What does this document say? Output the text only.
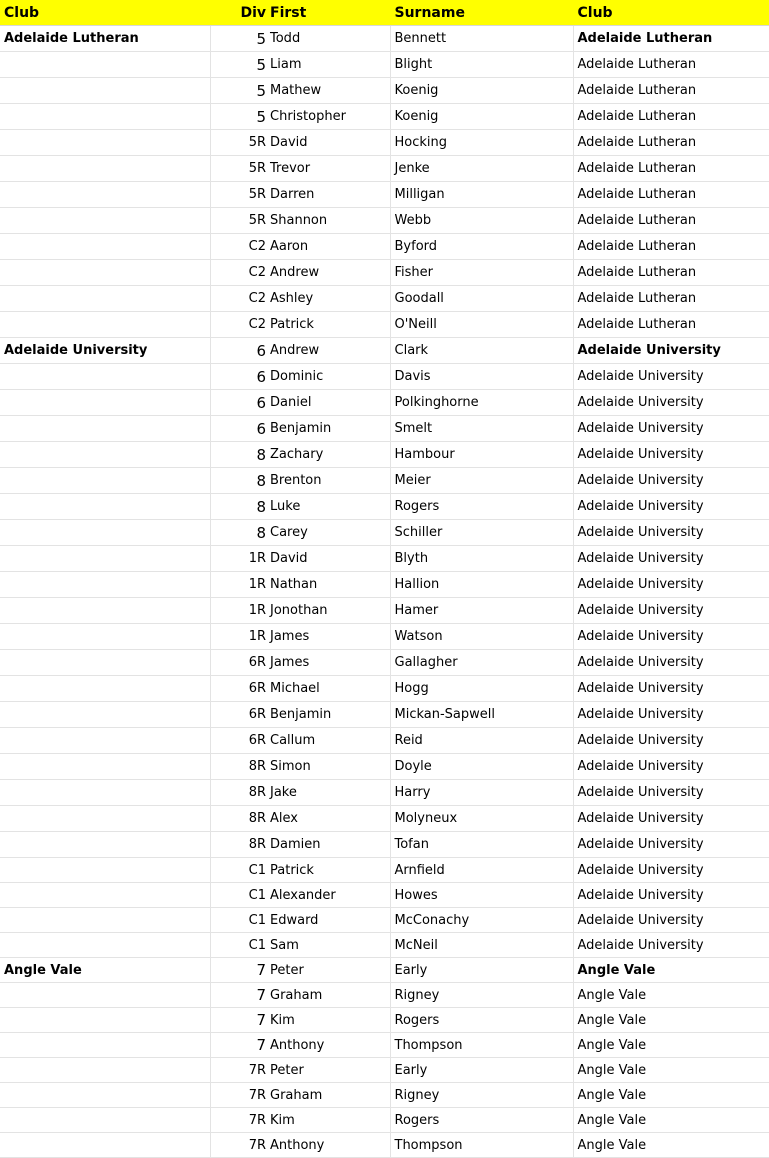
Club	Div	First	Surname	Club
Adelaide Lutheran	5	Todd	Bennett	Adelaide Lutheran
	5	Liam	Blight	Adelaide Lutheran
	5	Mathew	Koenig	Adelaide Lutheran
	5	Christopher	Koenig	Adelaide Lutheran
	5R	David	Hocking	Adelaide Lutheran
	5R	Trevor	Jenke	Adelaide Lutheran
	5R	Darren	Milligan	Adelaide Lutheran
	5R	Shannon	Webb	Adelaide Lutheran
	C2	Aaron	Byford	Adelaide Lutheran
	C2	Andrew	Fisher	Adelaide Lutheran
	C2	Ashley	Goodall	Adelaide Lutheran
	C2	Patrick	O'Neill	Adelaide Lutheran
Adelaide University	6	Andrew	Clark	Adelaide University
	6	Dominic	Davis	Adelaide University
	6	Daniel	Polkinghorne	Adelaide University
	6	Benjamin	Smelt	Adelaide University
	8	Zachary	Hambour	Adelaide University
	8	Brenton	Meier	Adelaide University
	8	Luke	Rogers	Adelaide University
	8	Carey	Schiller	Adelaide University
	1R	David	Blyth	Adelaide University
	1R	Nathan	Hallion	Adelaide University
	1R	Jonothan	Hamer	Adelaide University
	1R	James	Watson	Adelaide University
	6R	James	Gallagher	Adelaide University
	6R	Michael	Hogg	Adelaide University
	6R	Benjamin	Mickan-Sapwell	Adelaide University
	6R	Callum	Reid	Adelaide University
	8R	Simon	Doyle	Adelaide University
	8R	Jake	Harry	Adelaide University
	8R	Alex	Molyneux	Adelaide University
	8R	Damien	Tofan	Adelaide University
	C1	Patrick	Arnfield	Adelaide University
	C1	Alexander	Howes	Adelaide University
	C1	Edward	McConachy	Adelaide University
	C1	Sam	McNeil	Adelaide University
Angle Vale	7	Peter	Early	Angle Vale
	7	Graham	Rigney	Angle Vale
	7	Kim	Rogers	Angle Vale
	7	Anthony	Thompson	Angle Vale
	7R	Peter	Early	Angle Vale
	7R	Graham	Rigney	Angle Vale
	7R	Kim	Rogers	Angle Vale
	7R	Anthony	Thompson	Angle Vale
